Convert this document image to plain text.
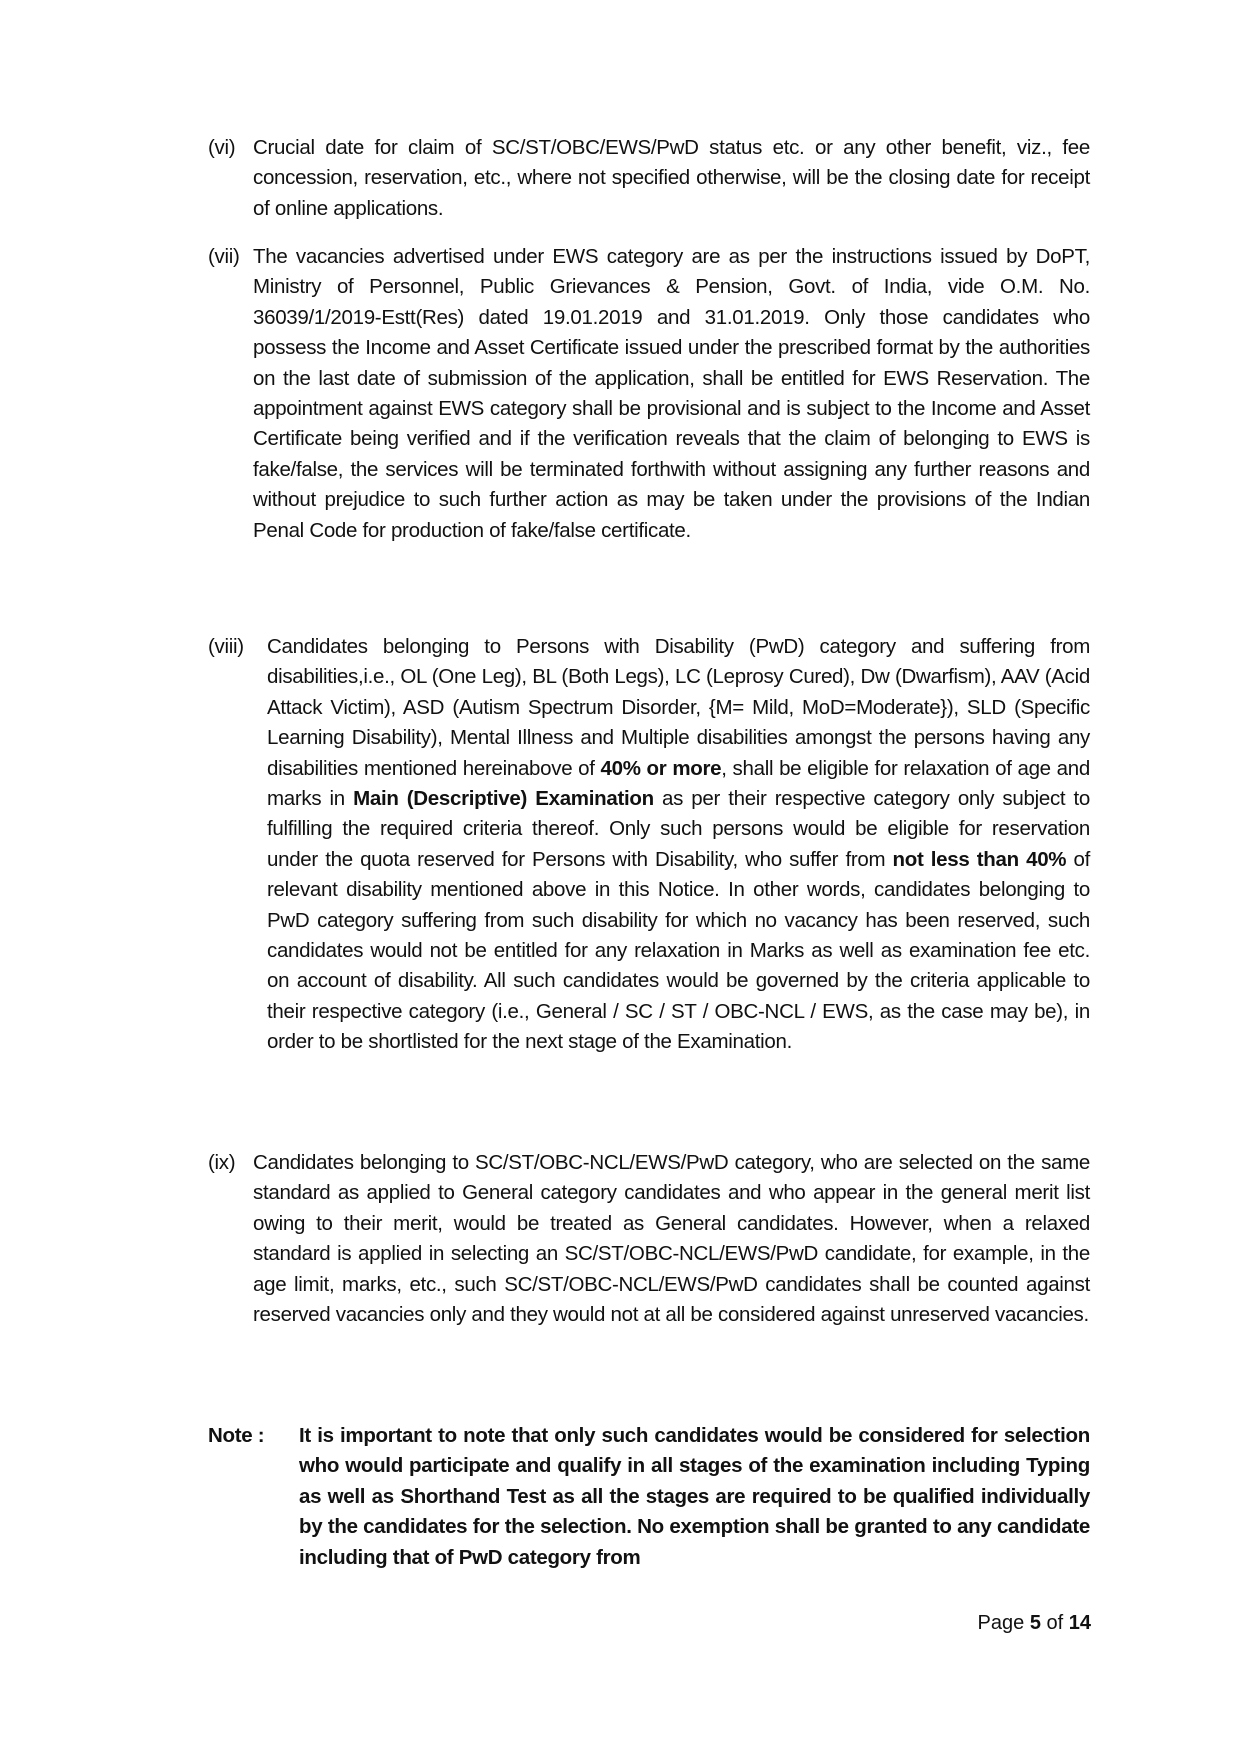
(vi) Crucial date for claim of SC/ST/OBC/EWS/PwD status etc. or any other benefit, viz., fee concession, reservation, etc., where not specified otherwise, will be the closing date for receipt of online applications.
(vii) The vacancies advertised under EWS category are as per the instructions issued by DoPT, Ministry of Personnel, Public Grievances & Pension, Govt. of India, vide O.M. No. 36039/1/2019-Estt(Res) dated 19.01.2019 and 31.01.2019. Only those candidates who possess the Income and Asset Certificate issued under the prescribed format by the authorities on the last date of submission of the application, shall be entitled for EWS Reservation. The appointment against EWS category shall be provisional and is subject to the Income and Asset Certificate being verified and if the verification reveals that the claim of belonging to EWS is fake/false, the services will be terminated forthwith without assigning any further reasons and without prejudice to such further action as may be taken under the provisions of the Indian Penal Code for production of fake/false certificate.
(viii)	Candidates belonging to Persons with Disability (PwD) category and suffering from disabilities,i.e., OL (One Leg), BL (Both Legs), LC (Leprosy Cured), Dw (Dwarfism), AAV (Acid Attack Victim), ASD (Autism Spectrum Disorder, {M= Mild, MoD=Moderate}), SLD (Specific Learning Disability), Mental Illness and Multiple disabilities amongst the persons having any disabilities mentioned hereinabove of 40% or more, shall be eligible for relaxation of age and marks in Main (Descriptive) Examination as per their respective category only subject to fulfilling the required criteria thereof. Only such persons would be eligible for reservation under the quota reserved for Persons with Disability, who suffer from not less than 40% of relevant disability mentioned above in this Notice. In other words, candidates belonging to PwD category suffering from such disability for which no vacancy has been reserved, such candidates would not be entitled for any relaxation in Marks as well as examination fee etc. on account of disability. All such candidates would be governed by the criteria applicable to their respective category (i.e., General / SC / ST / OBC-NCL / EWS, as the case may be), in order to be shortlisted for the next stage of the Examination.
(ix) Candidates belonging to SC/ST/OBC-NCL/EWS/PwD category, who are selected on the same standard as applied to General category candidates and who appear in the general merit list owing to their merit, would be treated as General candidates. However, when a relaxed standard is applied in selecting an SC/ST/OBC-NCL/EWS/PwD candidate, for example, in the age limit, marks, etc., such SC/ST/OBC-NCL/EWS/PwD candidates shall be counted against reserved vacancies only and they would not at all be considered against unreserved vacancies.
Note :	It is important to note that only such candidates would be considered for selection who would participate and qualify in all stages of the examination including Typing as well as Shorthand Test as all the stages are required to be qualified individually by the candidates for the selection. No exemption shall be granted to any candidate including that of PwD category from
Page 5 of 14
